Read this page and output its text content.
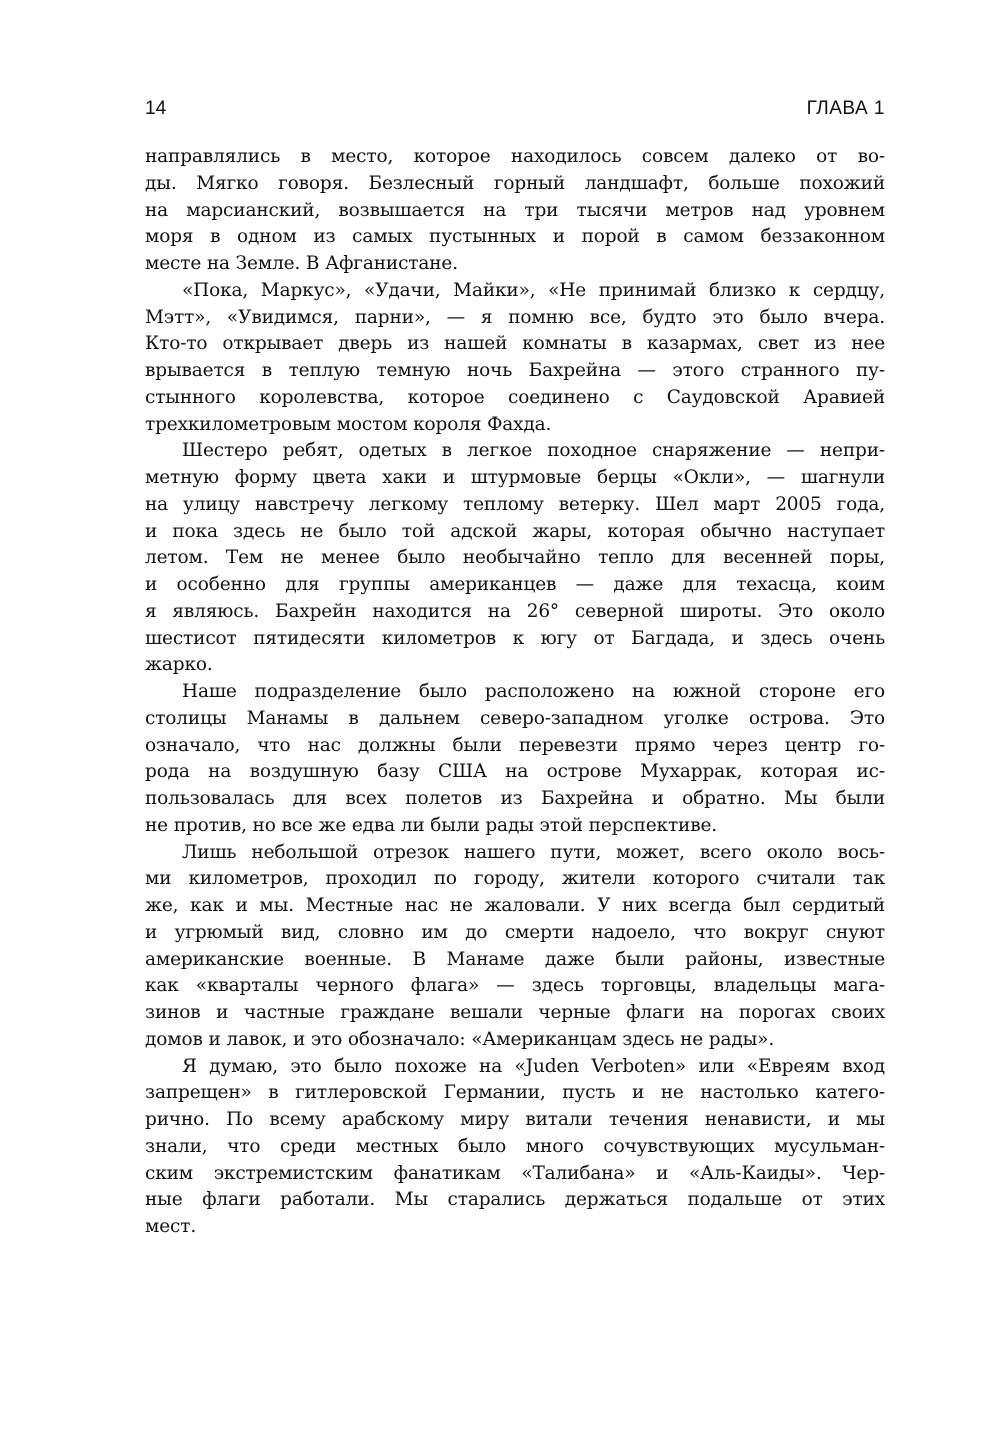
14	ГЛАВА 1
направлялись в место, которое находилось совсем далеко от во-
ды. Мягко говоря. Безлесный горный ландшафт, больше похожий
на марсианский, возвышается на три тысячи метров над уровнем
моря в одном из самых пустынных и порой в самом беззаконном
месте на Земле. В Афганистане.
«Пока, Маркус», «Удачи, Майки», «Не принимай близко к сердцу,
Мэтт», «Увидимся, парни», — я помню все, будто это было вчера.
Кто-то открывает дверь из нашей комнаты в казармах, свет из нее
врывается в теплую темную ночь Бахрейна — этого странного пу-
стынного королевства, которое соединено с Саудовской Аравией
трехкилометровым мостом короля Фахда.
Шестеро ребят, одетых в легкое походное снаряжение — непри-
метную форму цвета хаки и штурмовые берцы «Окли», — шагнули
на улицу навстречу легкому теплому ветерку. Шел март 2005 года,
и пока здесь не было той адской жары, которая обычно наступает
летом. Тем не менее было необычайно тепло для весенней поры,
и особенно для группы американцев — даже для техасца, коим
я являюсь. Бахрейн находится на 26° северной широты. Это около
шестисот пятидесяти километров к югу от Багдада, и здесь очень
жарко.
Наше подразделение было расположено на южной стороне его
столицы Манамы в дальнем северо-западном уголке острова. Это
означало, что нас должны были перевезти прямо через центр го-
рода на воздушную базу США на острове Мухаррак, которая ис-
пользовалась для всех полетов из Бахрейна и обратно. Мы были
не против, но все же едва ли были рады этой перспективе.
Лишь небольшой отрезок нашего пути, может, всего около вось-
ми километров, проходил по городу, жители которого считали так
же, как и мы. Местные нас не жаловали. У них всегда был сердитый
и угрюмый вид, словно им до смерти надоело, что вокруг снуют
американские военные. В Манаме даже были районы, известные
как «кварталы черного флага» — здесь торговцы, владельцы мага-
зинов и частные граждане вешали черные флаги на порогах своих
домов и лавок, и это обозначало: «Американцам здесь не рады».
Я думаю, это было похоже на «Juden Verboten» или «Евреям вход
запрещен» в гитлеровской Германии, пусть и не настолько катего-
рично. По всему арабскому миру витали течения ненависти, и мы
знали, что среди местных было много сочувствующих мусульман-
ским экстремистским фанатикам «Талибана» и «Аль-Каиды». Чер-
ные флаги работали. Мы старались держаться подальше от этих
мест.
